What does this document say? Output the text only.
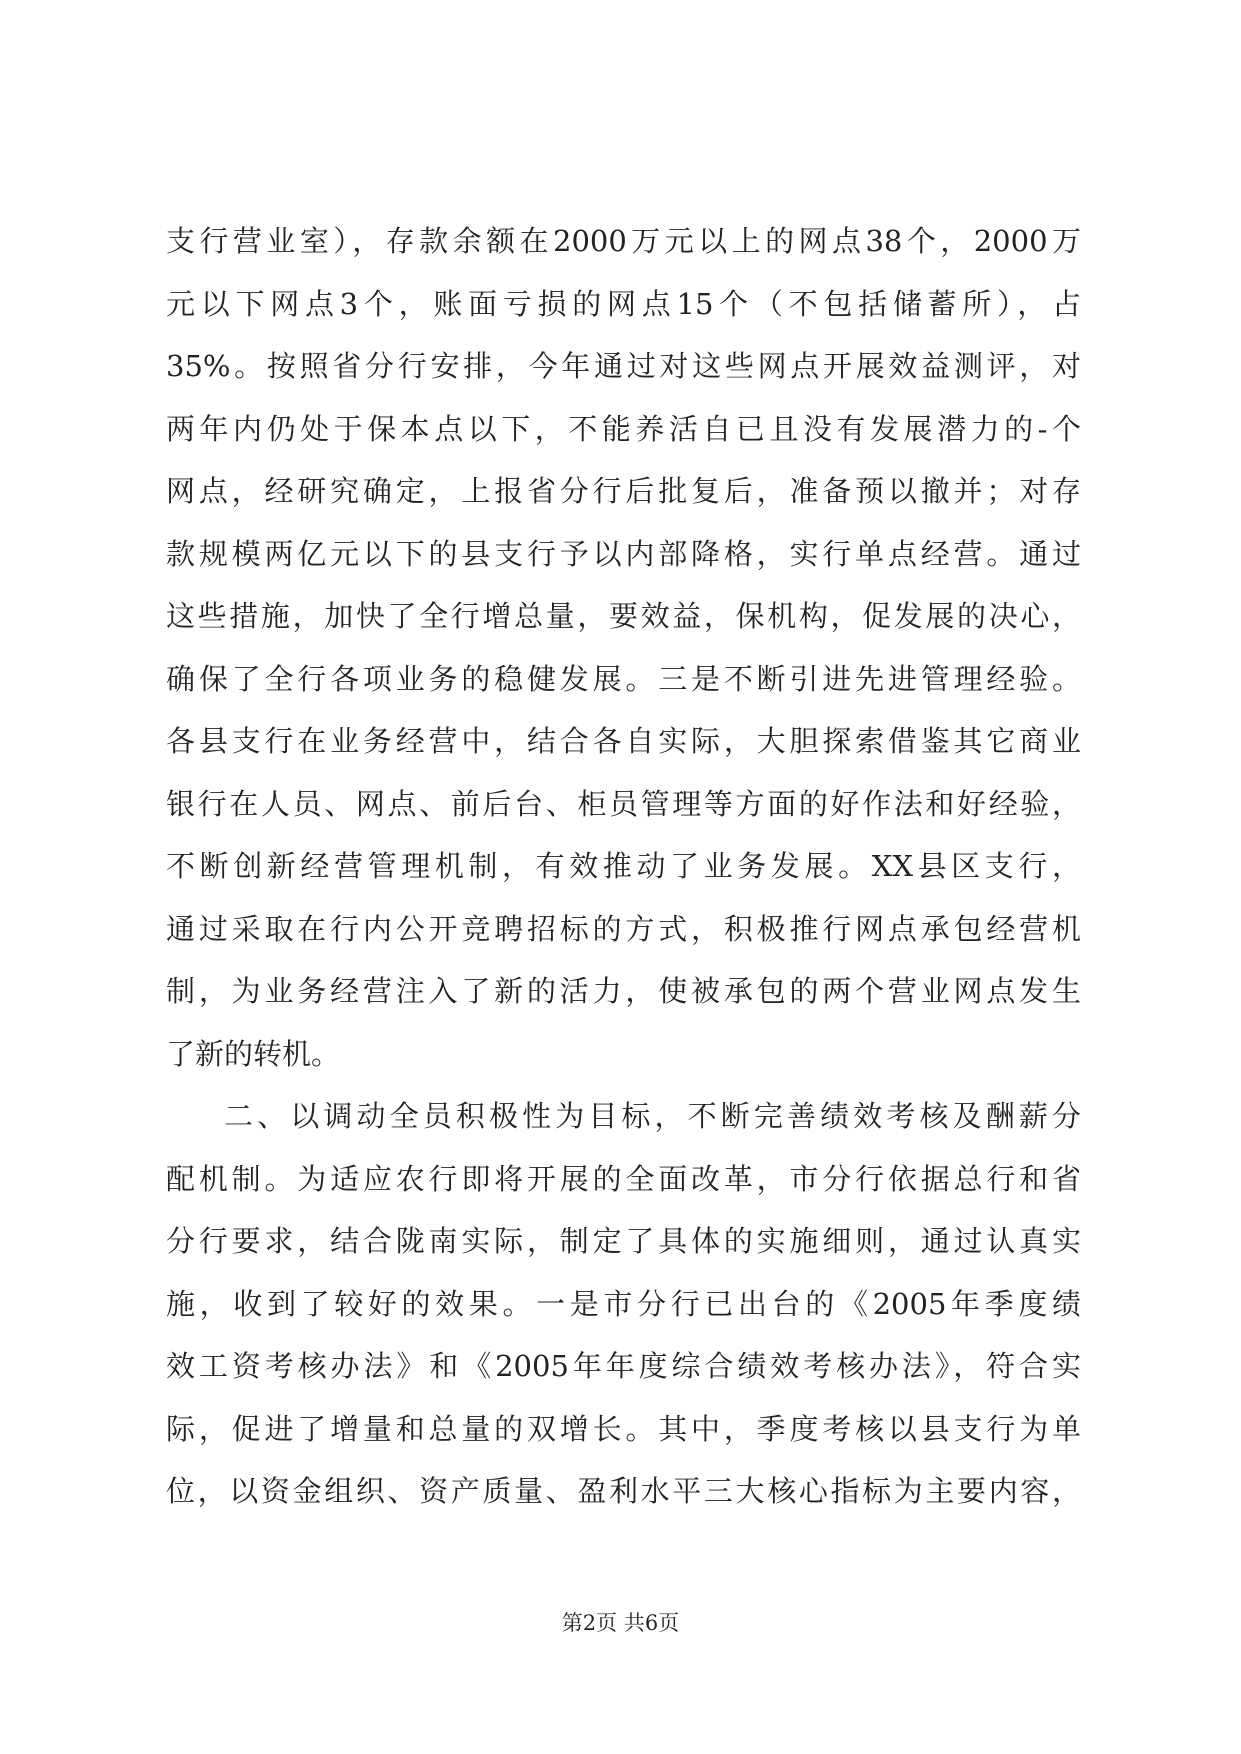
支行营业室），存款余额在2000万元以上的网点38个，2000万
元以下网点3个，账面亏损的网点15个（不包括储蓄所），占
35%。按照省分行安排，今年通过对这些网点开展效益测评，对
两年内仍处于保本点以下，不能养活自已且没有发展潜力的-个
网点，经研究确定，上报省分行后批复后，准备预以撤并；对存
款规模两亿元以下的县支行予以内部降格，实行单点经营。通过
这些措施，加快了全行增总量，要效益，保机构，促发展的决心，
确保了全行各项业务的稳健发展。三是不断引进先进管理经验。
各县支行在业务经营中，结合各自实际，大胆探索借鉴其它商业
银行在人员、网点、前后台、柜员管理等方面的好作法和好经验，
不断创新经营管理机制，有效推动了业务发展。XX县区支行，
通过采取在行内公开竞聘招标的方式，积极推行网点承包经营机
制，为业务经营注入了新的活力，使被承包的两个营业网点发生
了新的转机。
二、以调动全员积极性为目标，不断完善绩效考核及酬薪分
配机制。为适应农行即将开展的全面改革，市分行依据总行和省
分行要求，结合陇南实际，制定了具体的实施细则，通过认真实
施，收到了较好的效果。一是市分行已出台的《2005年季度绩
效工资考核办法》和《2005年年度综合绩效考核办法》，符合实
际，促进了增量和总量的双增长。其中，季度考核以县支行为单
位，以资金组织、资产质量、盈利水平三大核心指标为主要内容，
第2页 共6页
